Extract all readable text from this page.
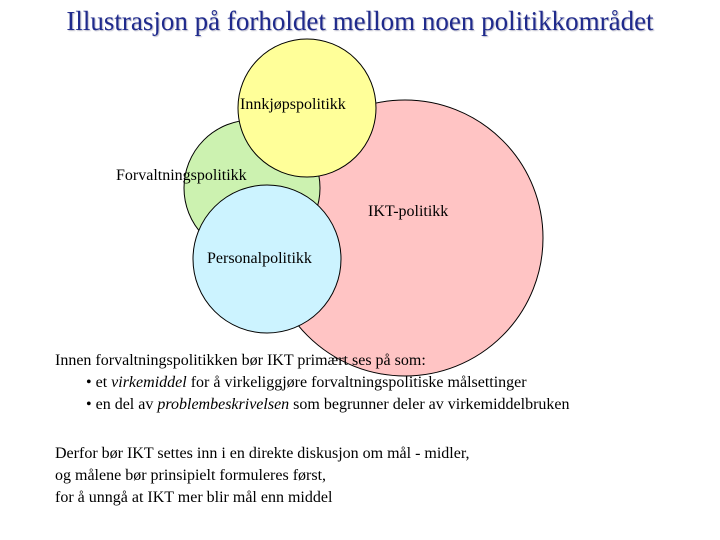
Illustrasjon på forholdet mellom noen politikkområdet
Innkjøpspolitikk
Forvaltningspolitikk
IKT-politikk
Personalpolitikk
Innen forvaltningspolitikken bør IKT primært ses på som:
• et virkemiddel for å virkeliggjøre forvaltningspolitiske målsettinger
• en del av problembeskrivelsen som begrunner deler av virkemiddelbruken
Derfor bør IKT settes inn i en direkte diskusjon om mål - midler,
og målene bør prinsipielt formuleres først,
for å unngå at IKT mer blir mål enn middel
